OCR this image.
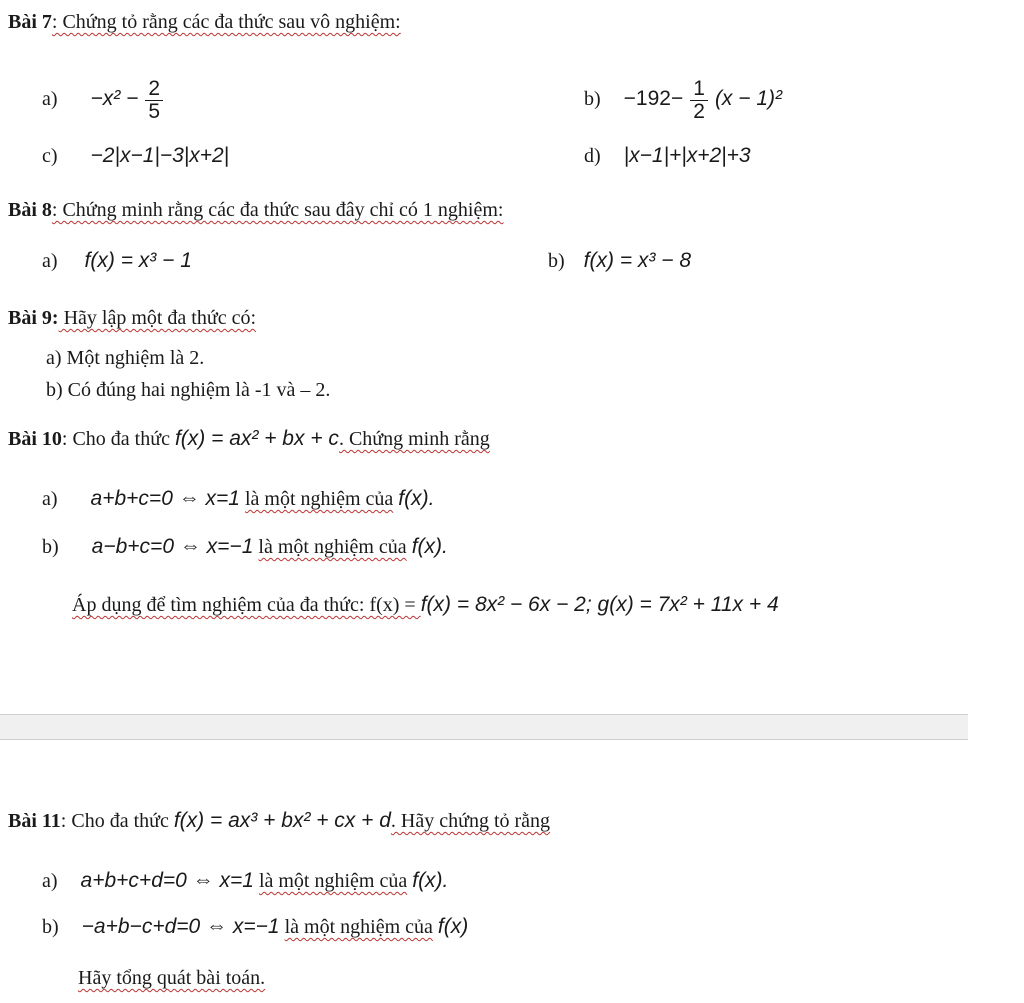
Bài 7: Chứng tỏ rằng các đa thức sau vô nghiệm:
$a) -x^2 - \frac{2}{5}$	$b) -192- \frac{1}{2} (x - 1)^2$
c) −2|x−1|−3|x+2|	d) |x−1|+|x+2|+3
Bài 8: Chứng minh rằng các đa thức sau đây chỉ có 1 nghiệm:
a) f(x) = x³ − 1	b) f(x) = x³ − 8
Bài 9: Hãy lập một đa thức có:
a) Một nghiệm là 2.
b) Có đúng hai nghiệm là -1 và – 2.
Bài 10: Cho đa thức f(x) = ax² + bx + c. Chứng minh rằng
a) a+b+c=0 ⇔ x=1 là một nghiệm của f(x).
b) a−b+c=0 ⇔ x=−1 là một nghiệm của f(x).
Áp dụng để tìm nghiệm của đa thức: f(x) = f(x) = 8x² − 6x − 2; g(x) = 7x² + 11x + 4
Bài 11: Cho đa thức f(x) = ax³ + bx² + cx + d. Hãy chứng tỏ rằng
a) a+b+c+d=0 ⇔ x=1 là một nghiệm của f(x).
b) −a+b−c+d=0 ⇔ x=−1 là một nghiệm của f(x)
Hãy tổng quát bài toán.
